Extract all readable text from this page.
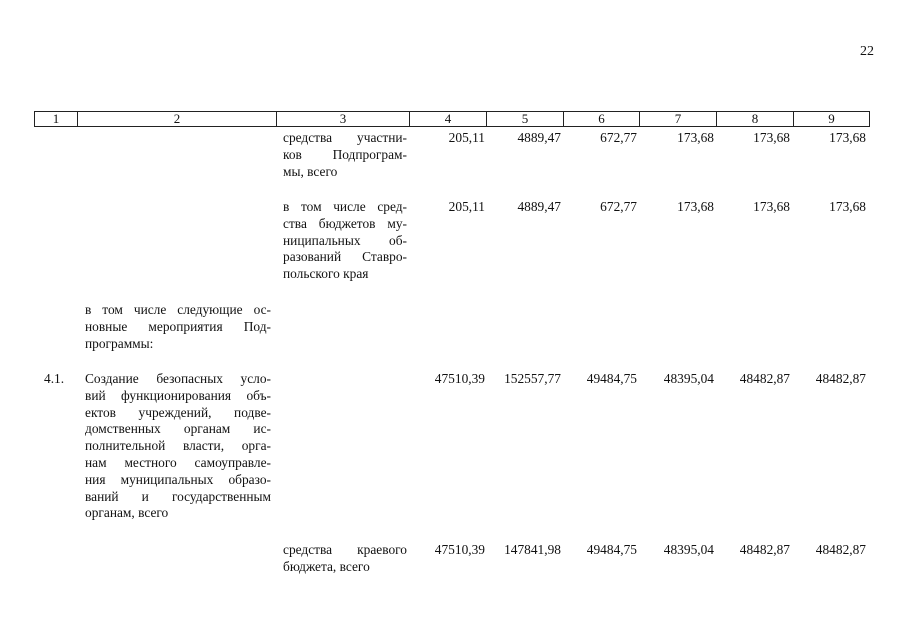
22
1	2	3	4	5	6	7	8	9
средства участни-
ков Подпрограм-
мы, всего
205,11 4889,47	672,77	173,68	173,68	173,68
в том числе сред-
ства бюджетов му-
ниципальных об-
разований Ставро-
польского края
205,11 4889,47	672,77	173,68	173,68	173,68
в том числе следующие ос-
новные мероприятия Под-
программы:
4.1. Создание безопасных усло-
вий функционирования объ-
ектов учреждений, подве-
домственных органам ис-
полнительной власти, орга-
нам местного самоуправле-
ния муниципальных образо-
ваний и государственным
органам, всего
47510,39 152557,77 49484,75 48395,04 48482,87 48482,87
средства краевого
бюджета, всего
47510,39 147841,98 49484,75 48395,04 48482,87 48482,87
